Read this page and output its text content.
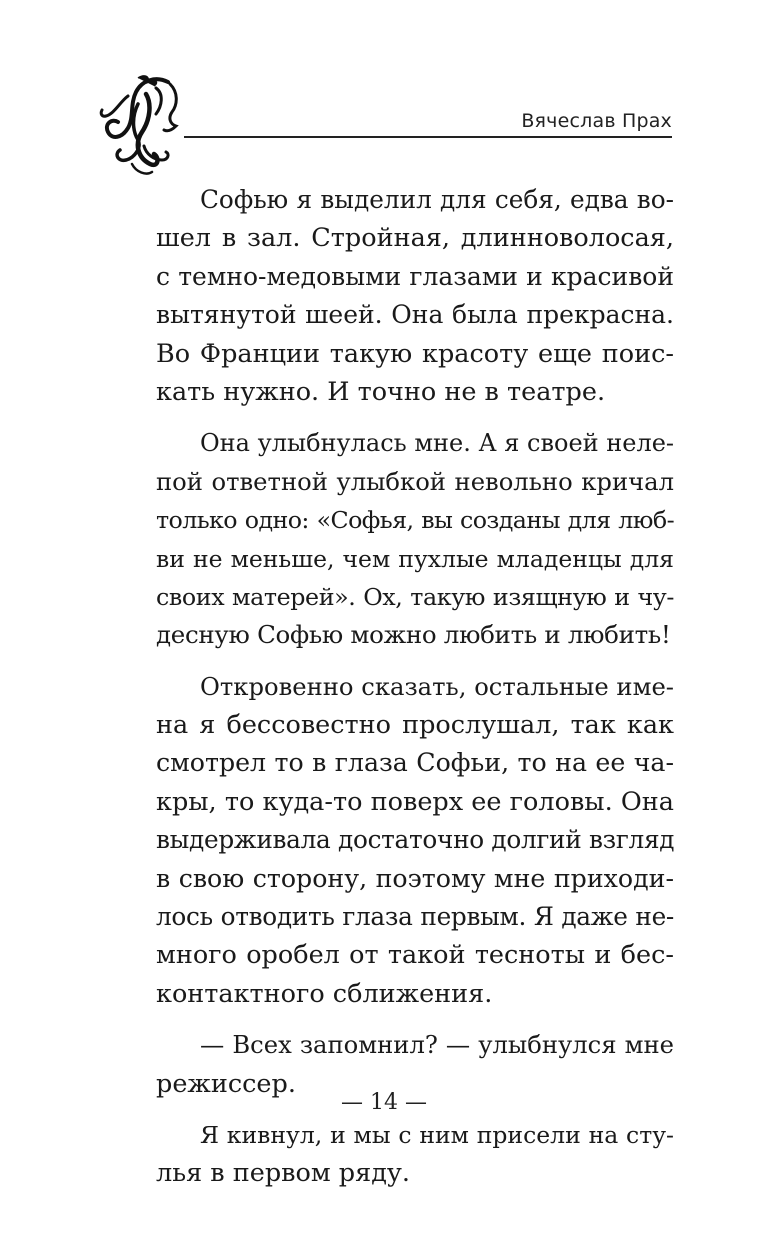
Вячеслав Прах
Софью я выделил для себя, едва во-
шел в зал. Стройная, длинноволосая,
с темно-медовыми глазами и красивой
вытянутой шеей. Она была прекрасна.
Во Франции такую красоту еще поис-
кать нужно. И точно не в театре.
Она улыбнулась мне. А я своей неле-
пой ответной улыбкой невольно кричал
только одно: «Софья, вы созданы для люб-
ви не меньше, чем пухлые младенцы для
своих матерей». Ох, такую изящную и чу-
десную Софью можно любить и любить!
Откровенно сказать, остальные име-
на я бессовестно прослушал, так как
смотрел то в глаза Софьи, то на ее ча-
кры, то куда-то поверх ее головы. Она
выдерживала достаточно долгий взгляд
в свою сторону, поэтому мне приходи-
лось отводить глаза первым. Я даже не-
много оробел от такой тесноты и бес-
контактного сближения.
— Всех запомнил? — улыбнулся мне
режиссер.
Я кивнул, и мы с ним присели на сту-
лья в первом ряду.
— 14 —
